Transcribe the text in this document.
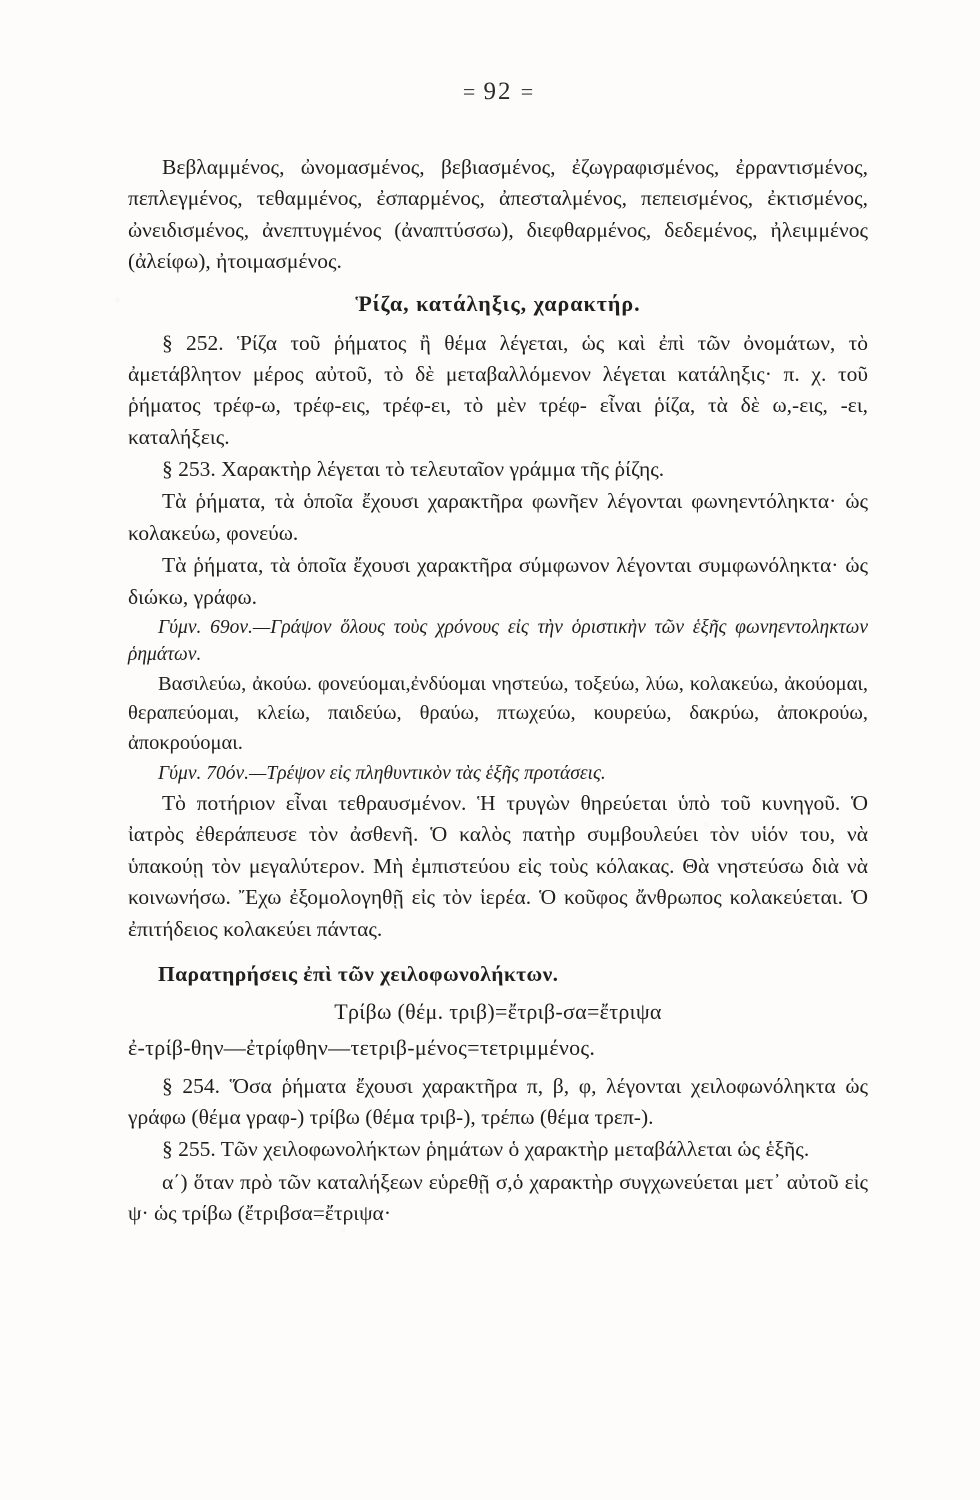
= 92 =

Βεβλαμμένος, ὠνομασμένος, βεβιασμένος, ἐζωγραφισμένος, ἐρραντισμένος, πεπλεγμένος, τεθαμμένος, ἐσπαρμένος, ἀπεσταλμένος, πεπεισμένος, ἐκτισμένος, ὠνειδισμένος, ἀνεπτυγμένος (ἀναπτύσσω), διεφθαρμένος, δεδεμένος, ἠλειμμένος (ἀλείφω), ἠτοιμασμένος.

Ῥίζα, κατάληξις, χαρακτήρ.

§ 252. Ῥίζα τοῦ ῥήματος ἢ θέμα λέγεται, ὡς καὶ ἐπὶ τῶν ὀνομάτων, τὸ ἀμετάβλητον μέρος αὐτοῦ, τὸ δὲ μεταβαλλόμενον λέγεται κατάληξις· π. χ. τοῦ ῥήματος τρέφ-ω, τρέφ-εις, τρέφ-ει, τὸ μὲν τρέφ- εἶναι ῥίζα, τὰ δὲ ω,-εις, -ει, καταλήξεις.

§ 253. Χαρακτὴρ λέγεται τὸ τελευταῖον γράμμα τῆς ῥίζης.

Τὰ ῥήματα, τὰ ὁποῖα ἔχουσι χαρακτῆρα φωνῆεν λέγονται φωνηεντόληκτα· ὡς κολακεύω, φονεύω.

Τὰ ῥήματα, τὰ ὁποῖα ἔχουσι χαρακτῆρα σύμφωνον λέγονται συμφωνόληκτα· ὡς διώκω, γράφω.

Γύμν. 69ον.—Γράψον ὅλους τοὺς χρόνους εἰς τὴν ὁριστικὴν τῶν ἑξῆς φωνηεντοληκτων ῥημάτων.

Βασιλεύω, ἀκούω. φονεύομαι,ἐνδύομαι νηστεύω, τοξεύω, λύω, κολακεύω, ἀκούομαι, θεραπεύομαι, κλείω, παιδεύω, θραύω, πτωχεύω, κουρεύω, δακρύω, ἀποκρούω, ἀποκρούομαι.

Γύμν. 70όν.—Τρέψον εἰς πληθυντικὸν τὰς ἑξῆς προτάσεις.

Τὸ ποτήριον εἶναι τεθραυσμένον. Ἡ τρυγὼν θηρεύεται ὑπὸ τοῦ κυνηγοῦ. Ὁ ἰατρὸς ἐθεράπευσε τὸν ἀσθενῆ. Ὁ καλὸς πατὴρ συμβουλεύει τὸν υἱόν του, νὰ ὑπακούῃ τὸν μεγαλύτερον. Μὴ ἐμπιστεύου εἰς τοὺς κόλακας. Θὰ νηστεύσω διὰ νὰ κοινωνήσω. Ἔχω ἐξομολογηθῇ εἰς τὸν ἱερέα. Ὁ κοῦφος ἄνθρωπος κολακεύεται. Ὁ ἐπιτήδειος κολακεύει πάντας.

Παρατηρήσεις ἐπὶ τῶν χειλοφωνολήκτων.

Τρίβω (θέμ. τριβ)=ἔτριβ-σα=ἔτριψα

ἐ-τρίβ-θην—ἐτρίφθην—τετριβ-μένος=τετριμμένος.

§ 254. Ὅσα ῥήματα ἔχουσι χαρακτῆρα π, β, φ, λέγονται χειλοφωνόληκτα ὡς γράφω (θέμα γραφ-) τρίβω (θέμα τριβ-), τρέπω (θέμα τρεπ-).

§ 255. Τῶν χειλοφωνολήκτων ῥημάτων ὁ χαρακτὴρ μεταβάλλεται ὡς ἑξῆς.

α΄) ὅταν πρὸ τῶν καταλήξεων εὑρεθῇ σ,ὁ χαρακτὴρ συγχωνεύεται μετ᾿ αὐτοῦ εἰς ψ· ὡς τρίβω (ἔτριβσα=ἔτριψα·
